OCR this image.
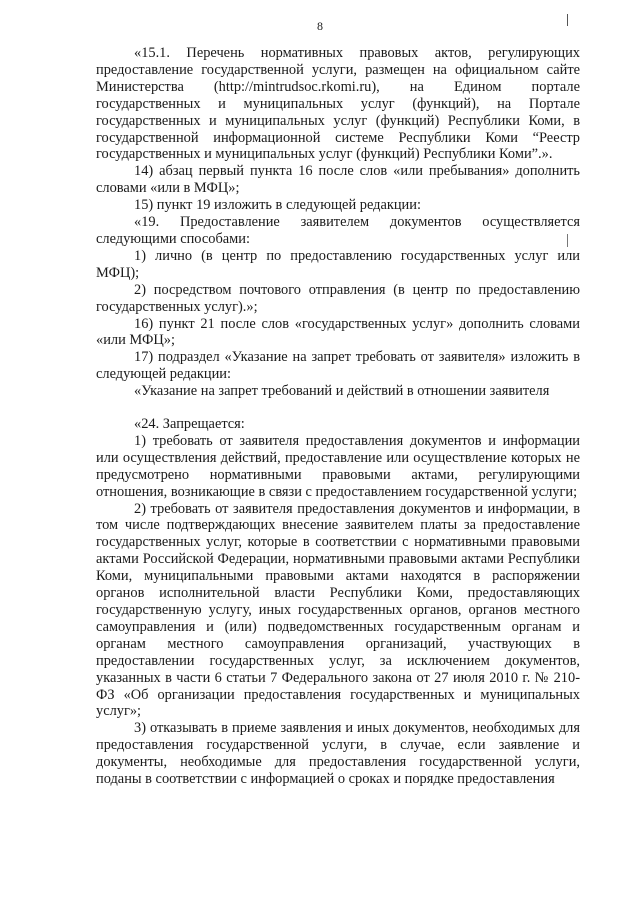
8

«15.1. Перечень нормативных правовых актов, регулирующих предоставление государственной услуги, размещен на официальном сайте Министерства (http://mintrudsoc.rkomi.ru), на Едином портале государственных и муниципальных услуг (функций), на Портале государственных и муниципальных услуг (функций) Республики Коми, в государственной информационной системе Республики Коми “Реестр государственных и муниципальных услуг (функций) Республики Коми”.».

14) абзац первый пункта 16 после слов «или пребывания» дополнить словами «или в МФЦ»;

15) пункт 19 изложить в следующей редакции:

«19. Предоставление заявителем документов осуществляется следующими способами:

1) лично (в центр по предоставлению государственных услуг или МФЦ);

2) посредством почтового отправления (в центр по предоставлению государственных услуг).»;

16) пункт 21 после слов «государственных услуг» дополнить словами «или МФЦ»;

17) подраздел «Указание на запрет требовать от заявителя» изложить в следующей редакции:

«Указание на запрет требований и действий в отношении заявителя

«24. Запрещается:

1) требовать от заявителя предоставления документов и информации или осуществления действий, предоставление или осуществление которых не предусмотрено нормативными правовыми актами, регулирующими отношения, возникающие в связи с предоставлением государственной услуги;

2) требовать от заявителя предоставления документов и информации, в том числе подтверждающих внесение заявителем платы за предоставление государственных услуг, которые в соответствии с нормативными правовыми актами Российской Федерации, нормативными правовыми актами Республики Коми, муниципальными правовыми актами находятся в распоряжении органов исполнительной власти Республики Коми, предоставляющих государственную услугу, иных государственных органов, органов местного самоуправления и (или) подведомственных государственным органам и органам местного самоуправления организаций, участвующих в предоставлении государственных услуг, за исключением документов, указанных в части 6 статьи 7 Федерального закона от 27 июля 2010 г. № 210-ФЗ «Об организации предоставления государственных и муниципальных услуг»;

3) отказывать в приеме заявления и иных документов, необходимых для предоставления государственной услуги, в случае, если заявление и документы, необходимые для предоставления государственной услуги, поданы в соответствии с информацией о сроках и порядке предоставления
